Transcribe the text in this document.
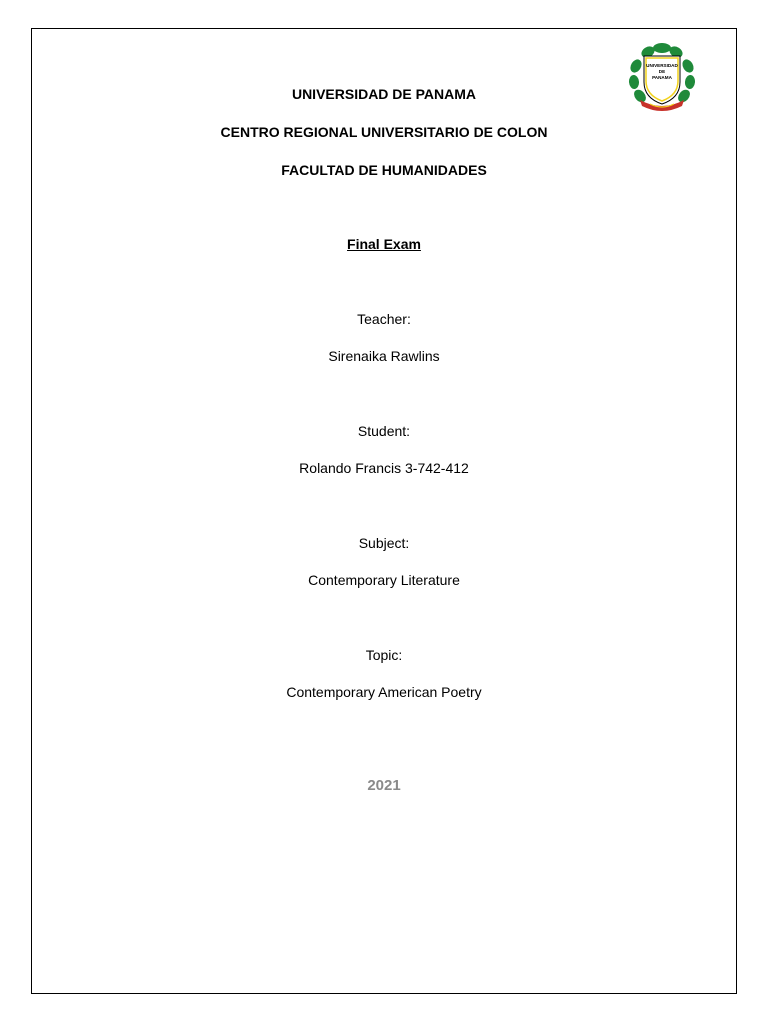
UNIVERSIDAD
DE
PANAMA
UNIVERSIDAD DE PANAMA
CENTRO REGIONAL UNIVERSITARIO DE COLON
FACULTAD DE HUMANIDADES
Final Exam
Teacher:
Sirenaika Rawlins
Student:
Rolando Francis 3-742-412
Subject:
Contemporary Literature
Topic:
Contemporary American Poetry
2021
